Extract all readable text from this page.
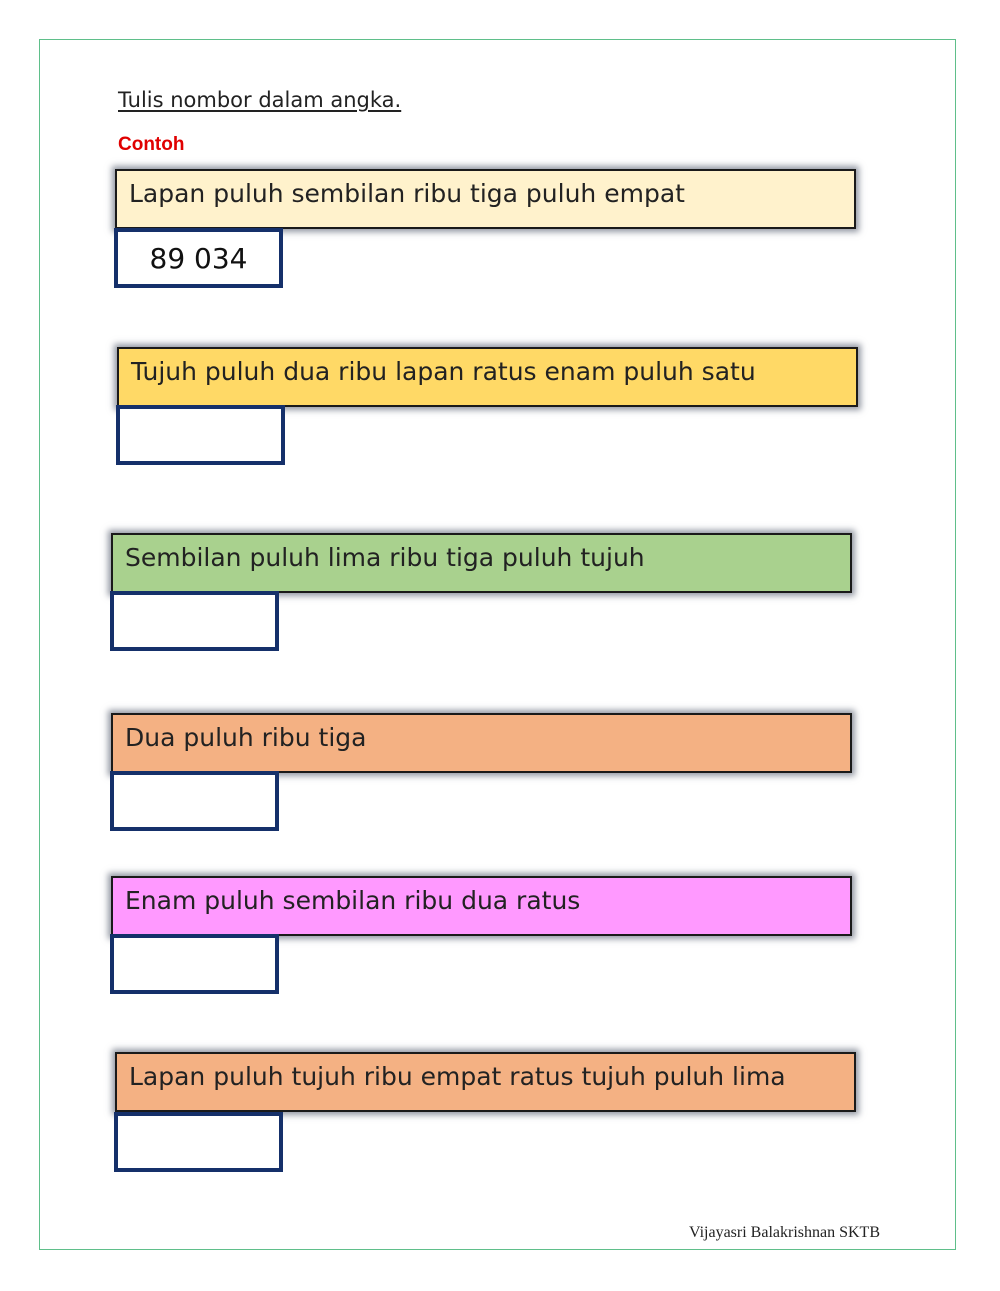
Tulis nombor dalam angka.
Contoh
Lapan puluh sembilan ribu tiga puluh empat
89 034
Tujuh puluh dua ribu lapan ratus enam puluh satu
Sembilan puluh lima ribu tiga puluh tujuh
Dua puluh ribu tiga
Enam puluh sembilan ribu dua ratus
Lapan puluh tujuh ribu empat ratus tujuh puluh lima
Vijayasri Balakrishnan SKTB
